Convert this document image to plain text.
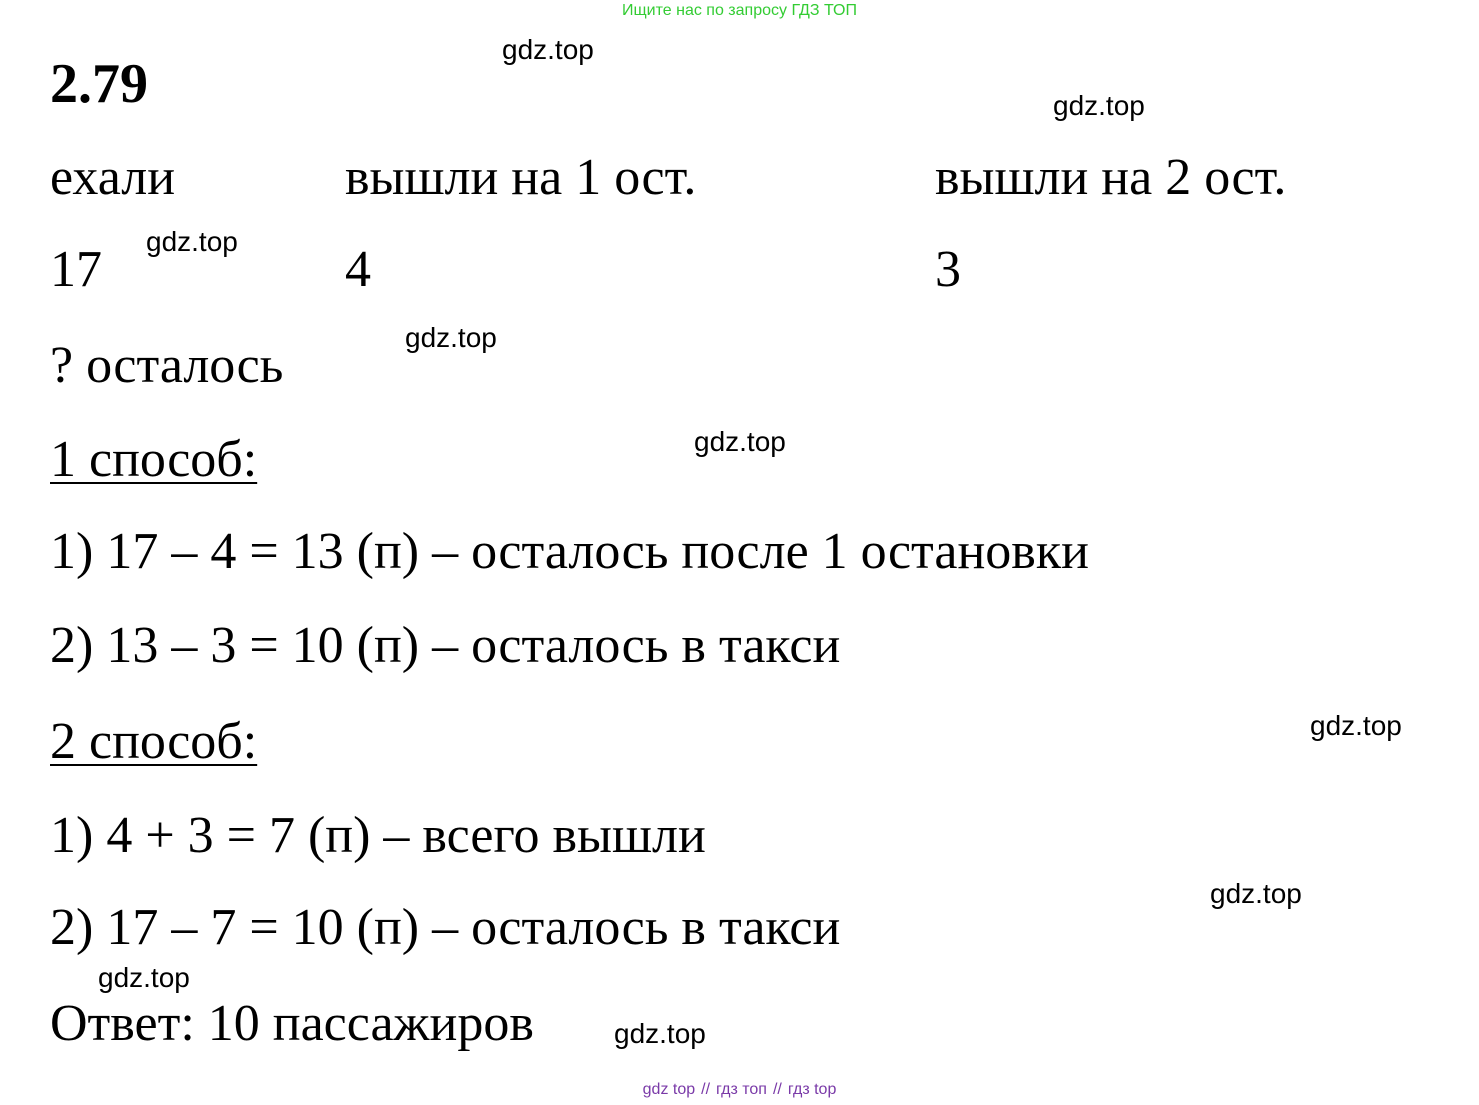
Ищите нас по запросу ГДЗ ТОП
2.79
gdz.top
gdz.top
gdz.top
gdz.top
gdz.top
gdz.top
gdz.top
gdz.top
gdz.top
ехали	вышли на 1 ост.	вышли на 2 ост.
17	4	3
? осталось
1 способ:
1) 17 – 4 = 13 (п) – осталось после 1 остановки
2) 13 – 3 = 10 (п) – осталось в такси
2 способ:
1) 4 + 3 = 7 (п) – всего вышли
2) 17 – 7 = 10 (п) – осталось в такси
Ответ: 10 пассажиров
gdz top // гдз топ // гдз top
